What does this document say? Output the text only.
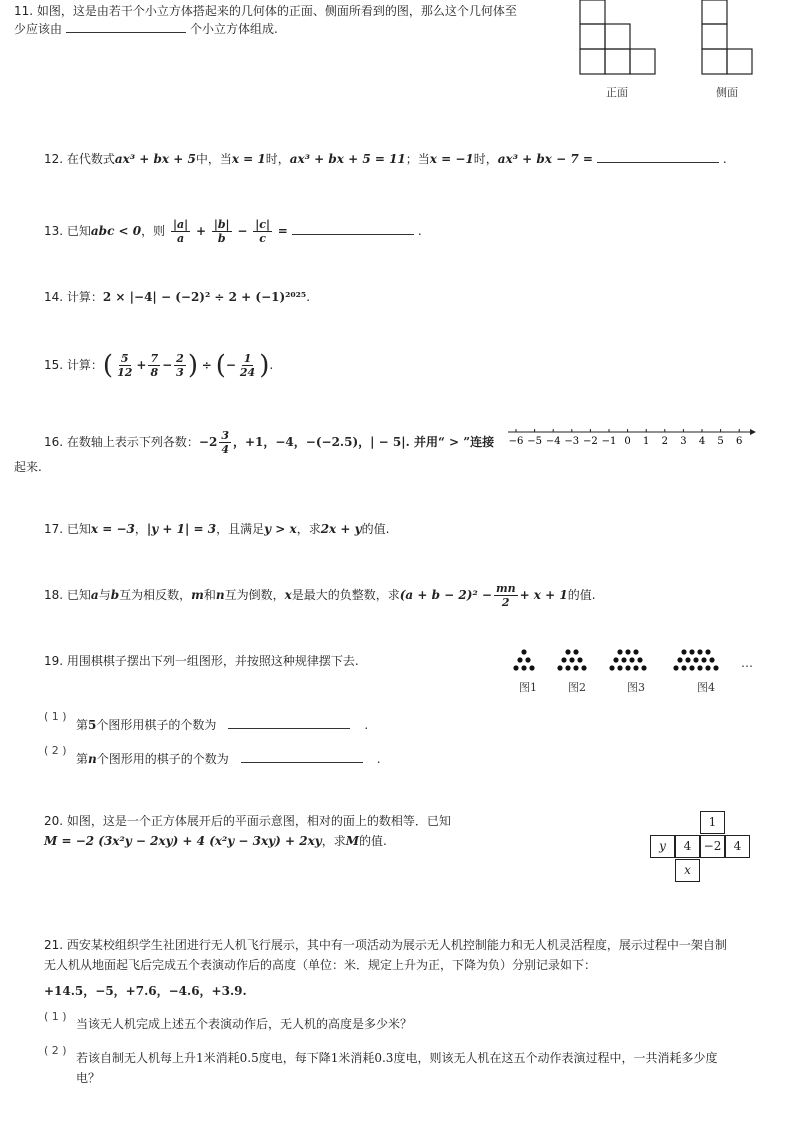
11. 如图，这是由若干个小立方体搭起来的几何体的正面、侧面所看到的图，那么这个几何体至
少应该由	个小立方体组成.
正面	侧面
12. 在代数式ax³ + bx + 5中，当x = 1时，ax³ + bx + 5 = 11；当x = −1时，ax³ + bx − 7 =	.
13. 已知abc < 0，则 $\frac{|a|}{a} + \frac{|b|}{b} - \frac{|c|}{c}$ =	.
14. 计算：2 × |−4| − (−2)² ÷ 2 + (−1)²⁰²⁵.
15. 计算：( $\frac{5}{12} + \frac{7}{8} - \frac{2}{3}$ ) ÷ (− $\frac{1}{24}$ ).
16. 在数轴上表示下列各数：$-2 \frac{3}{4}$ ，+1，−4，−(−2.5)，| − 5|. 并用“ > ”连接
起来.
−6 −5 −4 −3 −2 −1 0 1 2 3 4 5 6
17. 已知x = −3，|y + 1| = 3，且满足y > x，求2x + y的值.
18. 已知a与b互为相反数，m和n互为倒数，x是最大的负整数，求$(a + b - 2)^2 - \frac{mn}{2} + x + 1$的值.
19. 用围棋棋子摆出下列一组图形，并按照这种规律摆下去.
图1	图2	图3	图4
…
( 1 )
第5个图形用棋子的个数为	.
( 2 )
第n个图形用的棋子的个数为	.
20. 如图，这是一个正方体展开后的平面示意图，相对的面上的数相等．已知
M = −2 (3x²y − 2xy) + 4 (x²y − 3xy) + 2xy，求M的值.
1
y	4	−2	4
x
21. 西安某校组织学生社团进行无人机飞行展示，其中有一项活动为展示无人机控制能力和无人机灵活程度，展示过程中一架自制
无人机从地面起飞后完成五个表演动作后的高度（单位：米．规定上升为正，下降为负）分别记录如下：
+14.5，−5，+7.6，−4.6，+3.9.
( 1 )
当该无人机完成上述五个表演动作后，无人机的高度是多少米？
( 2 )
若该自制无人机每上升1米消耗0.5度电，每下降1米消耗0.3度电，则该无人机在这五个动作表演过程中，一共消耗多少度
电？
